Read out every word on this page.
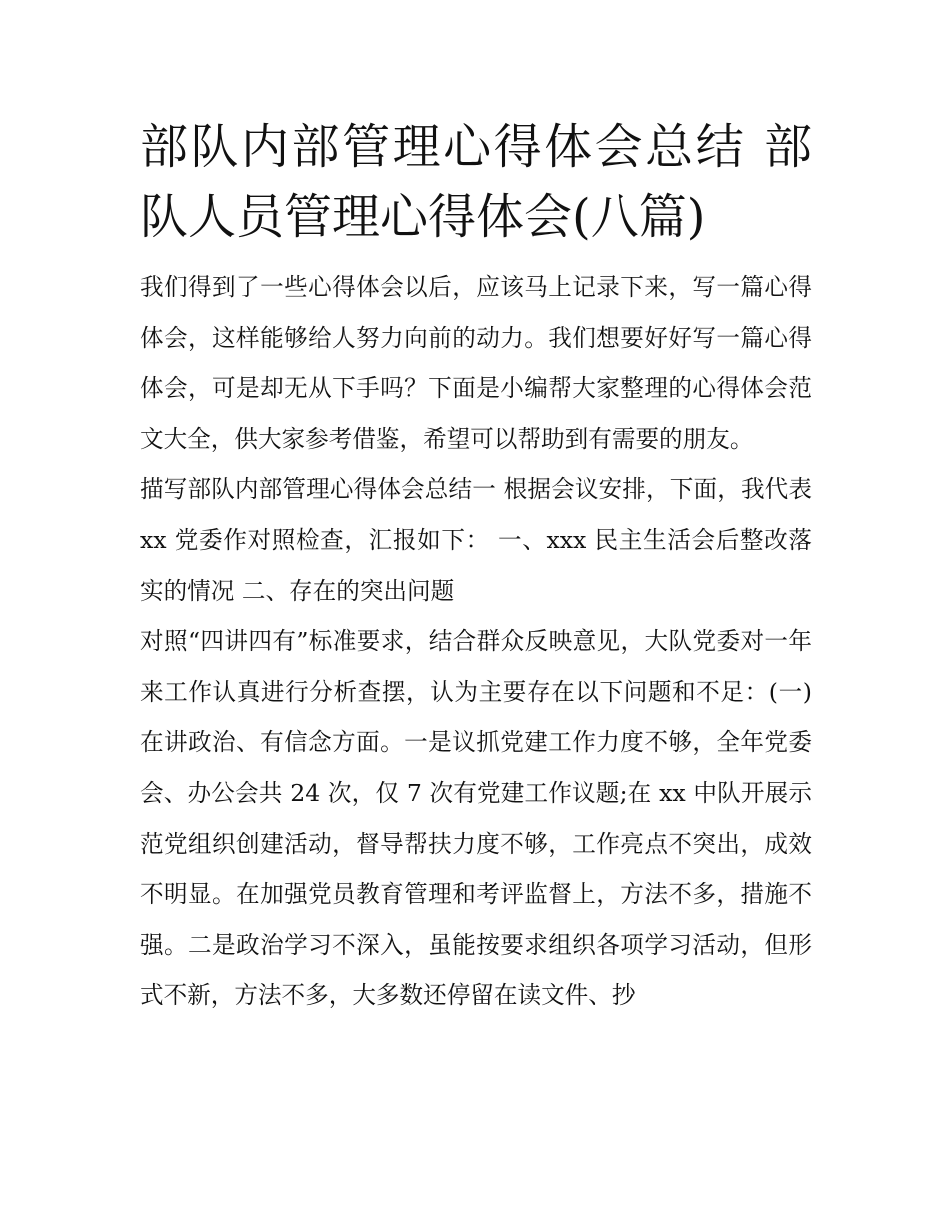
部队内部管理心得体会总结 部队人员管理心得体会(八篇)

我们得到了一些心得体会以后，应该马上记录下来，写一篇心得体会，这样能够给人努力向前的动力。我们想要好好写一篇心得体会，可是却无从下手吗？下面是小编帮大家整理的心得体会范文大全，供大家参考借鉴，希望可以帮助到有需要的朋友。

描写部队内部管理心得体会总结一 根据会议安排，下面，我代表 xx 党委作对照检查，汇报如下： 一、xxx 民主生活会后整改落实的情况 二、存在的突出问题

对照“四讲四有”标准要求，结合群众反映意见，大队党委对一年来工作认真进行分析查摆，认为主要存在以下问题和不足：(一)在讲政治、有信念方面。一是议抓党建工作力度不够，全年党委会、办公会共 24 次，仅 7 次有党建工作议题;在 xx 中队开展示范党组织创建活动，督导帮扶力度不够，工作亮点不突出，成效不明显。在加强党员教育管理和考评监督上，方法不多，措施不强。二是政治学习不深入，虽能按要求组织各项学习活动，但形式不新，方法不多，大多数还停留在读文件、抄
